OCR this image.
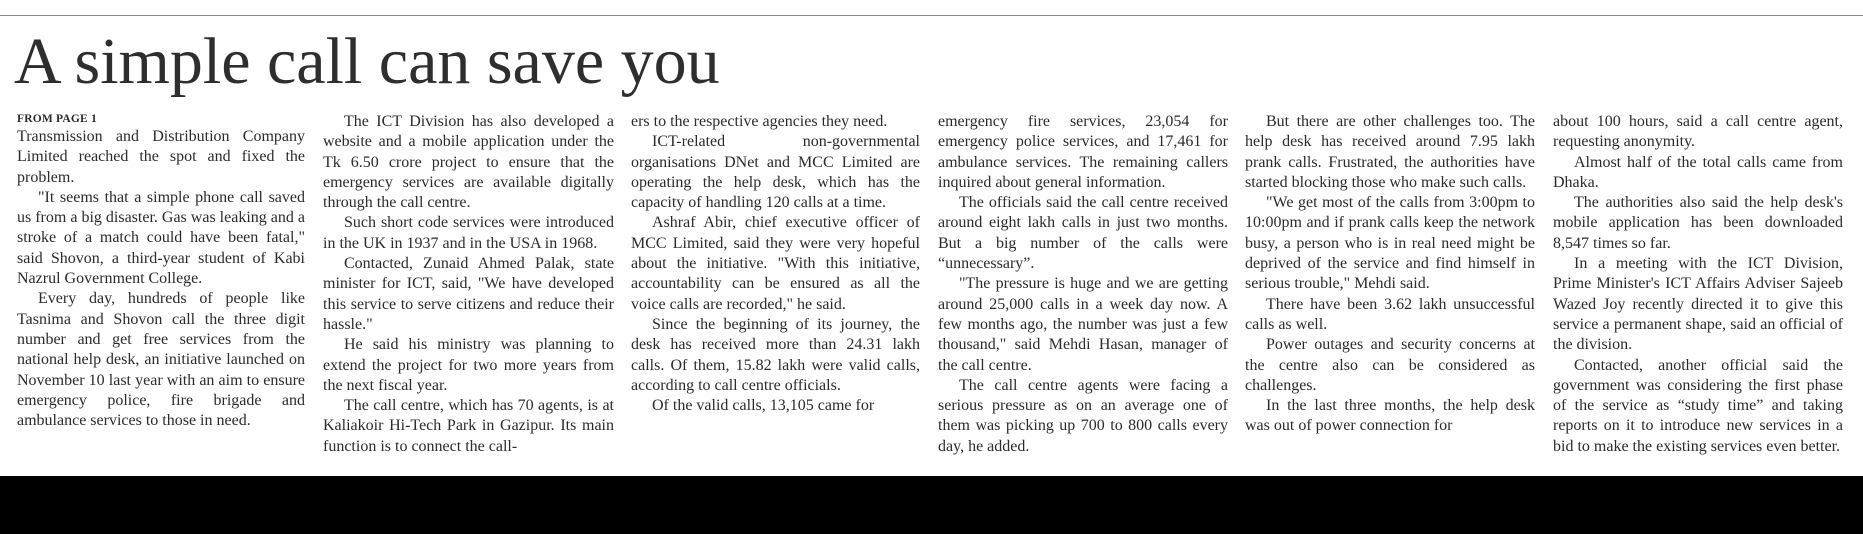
A simple call can save you
FROM PAGE 1

Transmission and Distribution Company Limited reached the spot and fixed the problem.

"It seems that a simple phone call saved us from a big disaster. Gas was leaking and a stroke of a match could have been fatal," said Shovon, a third-year student of Kabi Nazrul Government College.

Every day, hundreds of people like Tasnima and Shovon call the three digit number and get free services from the national help desk, an initiative launched on November 10 last year with an aim to ensure emergency police, fire brigade and ambulance services to those in need.

The ICT Division has also developed a website and a mobile application under the Tk 6.50 crore project to ensure that the emergency services are available digitally through the call centre.

Such short code services were introduced in the UK in 1937 and in the USA in 1968.

Contacted, Zunaid Ahmed Palak, state minister for ICT, said, "We have developed this service to serve citizens and reduce their hassle."

He said his ministry was planning to extend the project for two more years from the next fiscal year.

The call centre, which has 70 agents, is at Kaliakoir Hi-Tech Park in Gazipur. Its main function is to connect the call-

ers to the respective agencies they need.

ICT-related non-governmental organisations DNet and MCC Limited are operating the help desk, which has the capacity of handling 120 calls at a time.

Ashraf Abir, chief executive officer of MCC Limited, said they were very hopeful about the initiative. "With this initiative, accountability can be ensured as all the voice calls are recorded," he said.

Since the beginning of its journey, the desk has received more than 24.31 lakh calls. Of them, 15.82 lakh were valid calls, according to call centre officials.

Of the valid calls, 13,105 came for

emergency fire services, 23,054 for emergency police services, and 17,461 for ambulance services. The remaining callers inquired about general information.

The officials said the call centre received around eight lakh calls in just two months. But a big number of the calls were “unnecessary”.

"The pressure is huge and we are getting around 25,000 calls in a week day now. A few months ago, the number was just a few thousand," said Mehdi Hasan, manager of the call centre.

The call centre agents were facing a serious pressure as on an average one of them was picking up 700 to 800 calls every day, he added.

But there are other challenges too. The help desk has received around 7.95 lakh prank calls. Frustrated, the authorities have started blocking those who make such calls.

"We get most of the calls from 3:00pm to 10:00pm and if prank calls keep the network busy, a person who is in real need might be deprived of the service and find himself in serious trouble," Mehdi said.

There have been 3.62 lakh unsuccessful calls as well.

Power outages and security concerns at the centre also can be considered as challenges.

In the last three months, the help desk was out of power connection for

about 100 hours, said a call centre agent, requesting anonymity.

Almost half of the total calls came from Dhaka.

The authorities also said the help desk's mobile application has been downloaded 8,547 times so far.

In a meeting with the ICT Division, Prime Minister's ICT Affairs Adviser Sajeeb Wazed Joy recently directed it to give this service a permanent shape, said an official of the division.

Contacted, another official said the government was considering the first phase of the service as “study time” and taking reports on it to introduce new services in a bid to make the existing services even better.
